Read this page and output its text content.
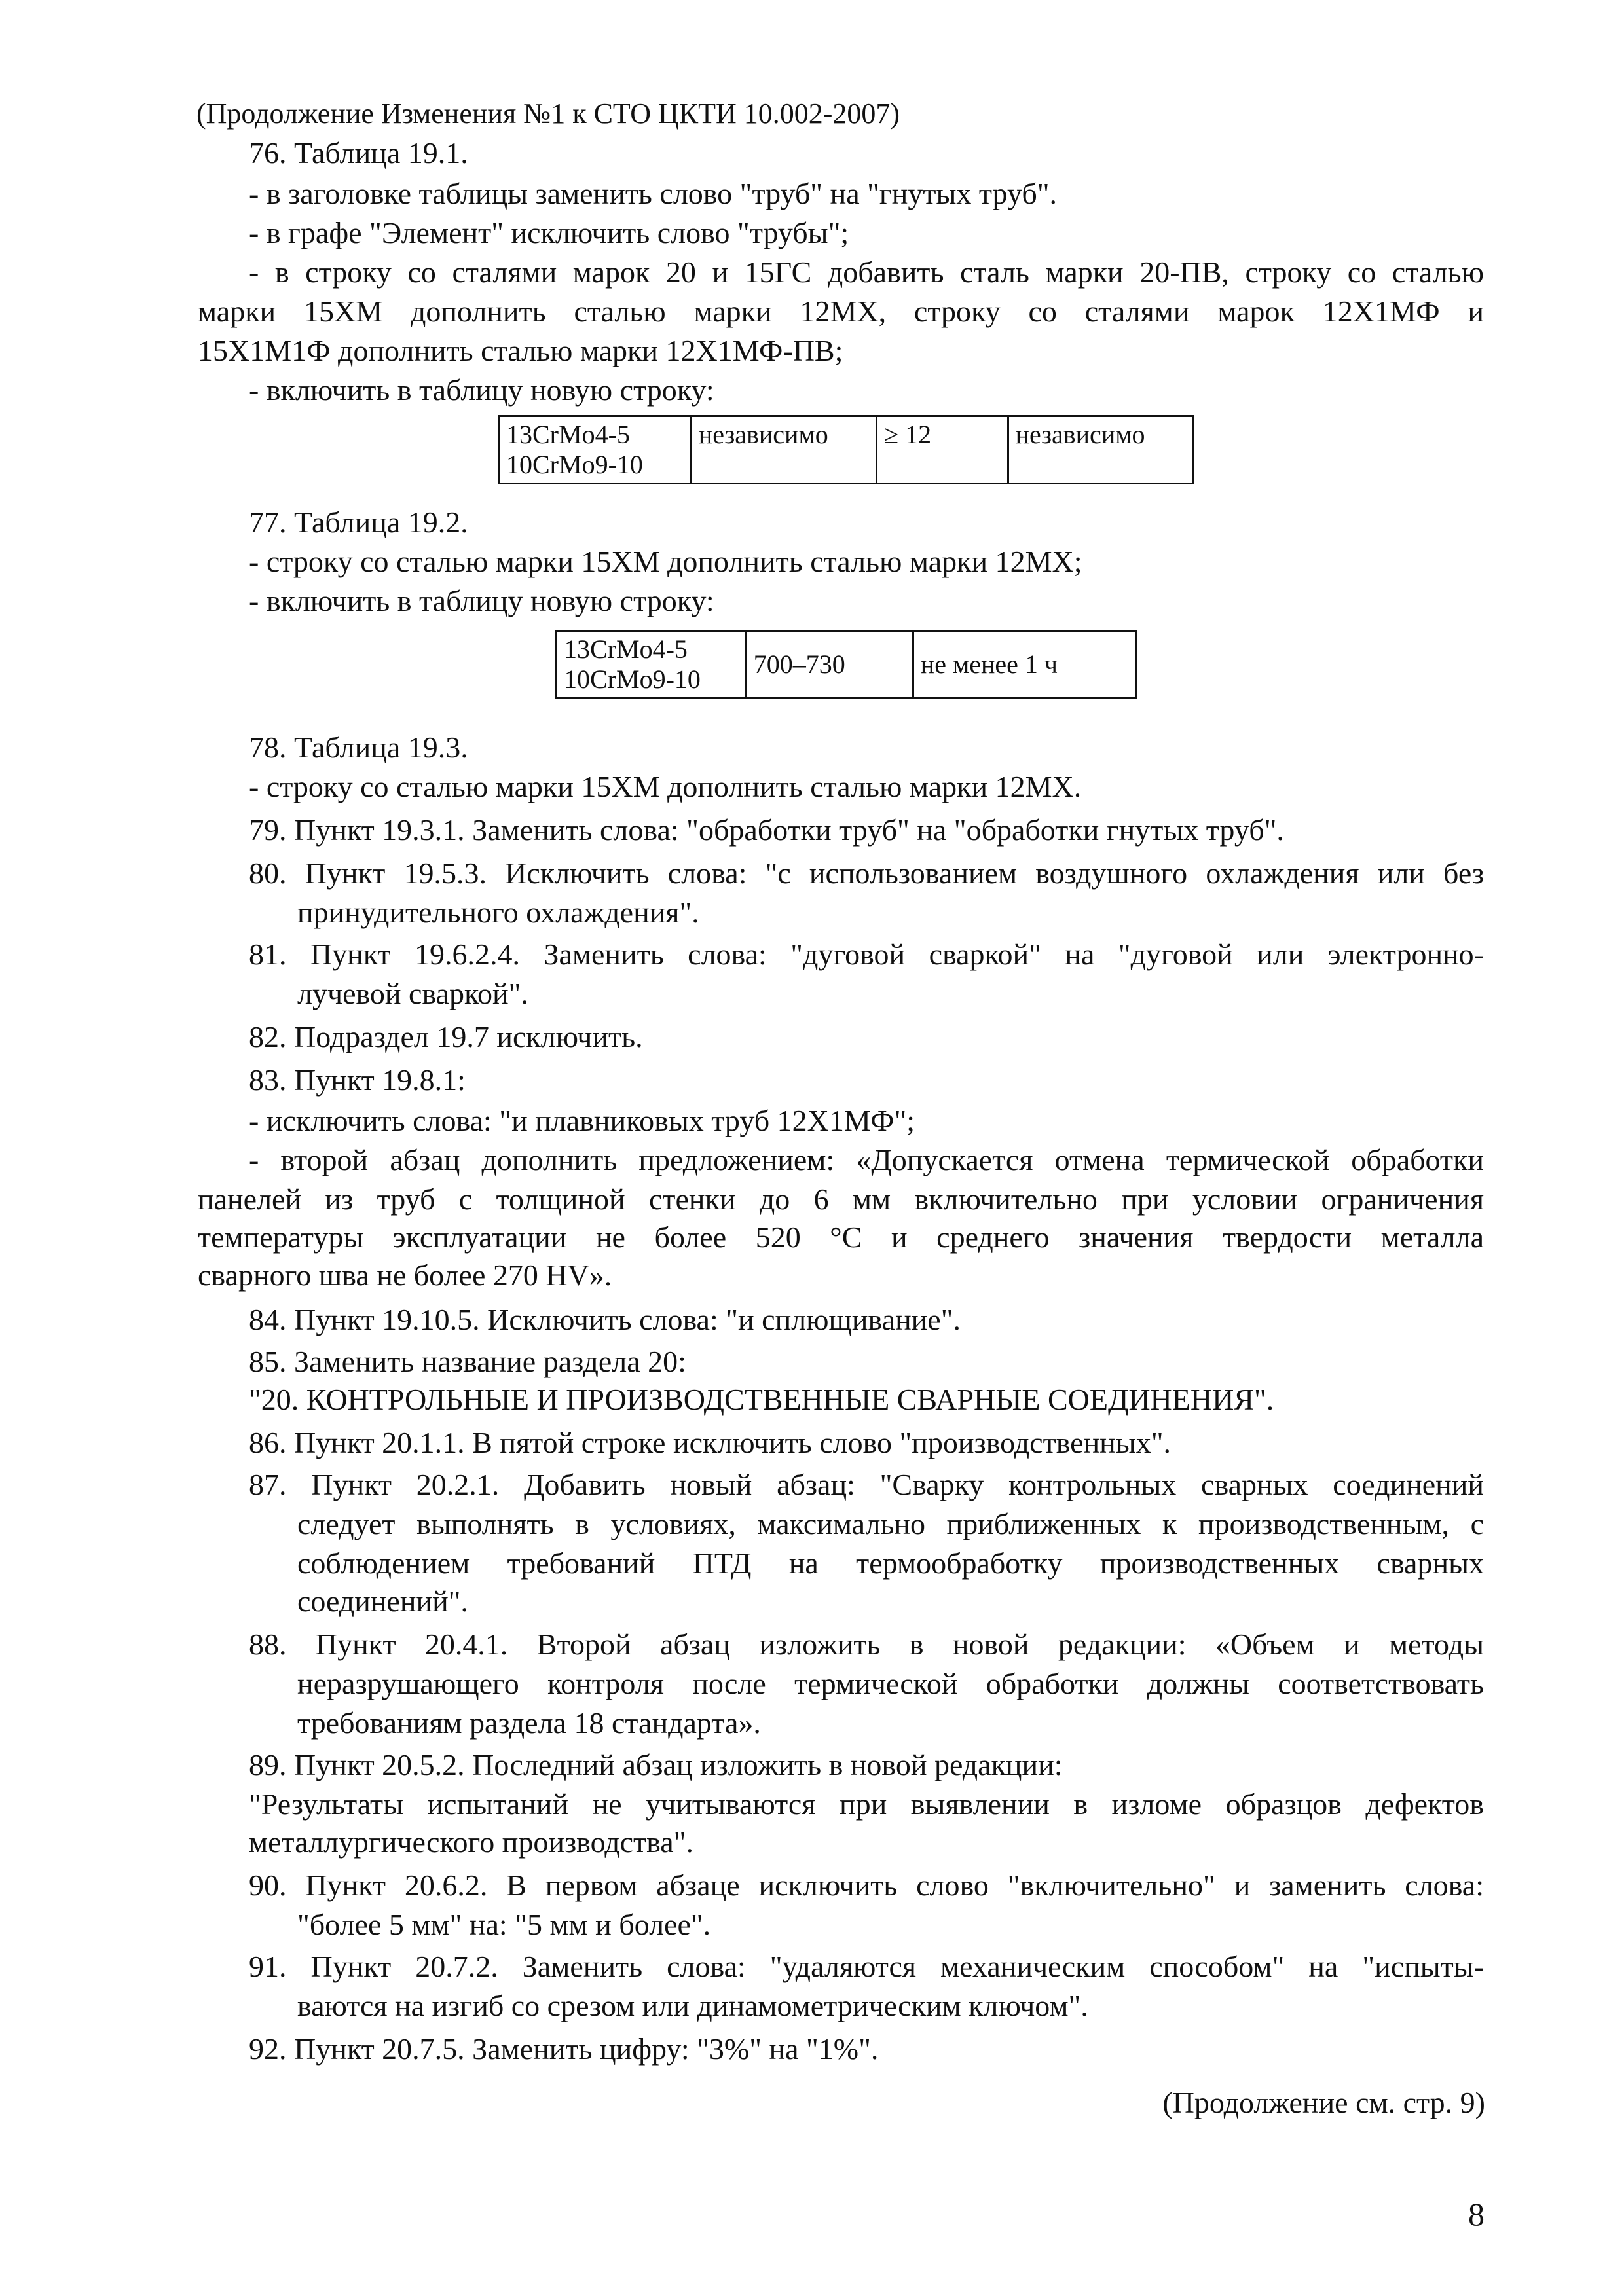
(Продолжение Изменения №1 к СТО ЦКТИ 10.002-2007)
76. Таблица 19.1.
- в заголовке таблицы заменить слово "труб" на "гнутых труб".
- в графе "Элемент" исключить слово "трубы";
- в строку со сталями марок 20 и 15ГС добавить сталь марки 20-ПВ, строку со сталью
марки 15ХМ дополнить сталью марки 12МХ, строку со сталями марок 12Х1МФ и
15Х1М1Ф дополнить сталью марки 12Х1МФ-ПВ;
- включить в таблицу новую строку:
13CrMo4-5
10CrMo9-10
	независимо	≥ 12	независимо
77. Таблица 19.2.
- строку со сталью марки 15ХМ дополнить сталью марки 12МХ;
- включить в таблицу новую строку:
13CrMo4-5
10CrMo9-10
	700–730	не менее 1 ч
78. Таблица 19.3.
- строку со сталью марки 15ХМ дополнить сталью марки 12МХ.
79. Пункт 19.3.1. Заменить слова: "обработки труб" на "обработки гнутых труб".
80. Пункт 19.5.3. Исключить слова: "с использованием воздушного охлаждения или без
принудительного охлаждения".
81. Пункт 19.6.2.4. Заменить слова: "дуговой сваркой" на "дуговой или электронно-
лучевой сваркой".
82. Подраздел 19.7 исключить.
83. Пункт 19.8.1:
- исключить слова: "и плавниковых труб 12Х1МФ";
- второй абзац дополнить предложением: «Допускается отмена термической обработки
панелей из труб с толщиной стенки до 6 мм включительно при условии ограничения
температуры эксплуатации не более 520 °С и среднего значения твердости металла
сварного шва не более 270 HV».
84. Пункт 19.10.5. Исключить слова: "и сплющивание".
85. Заменить название раздела 20:
"20. КОНТРОЛЬНЫЕ И ПРОИЗВОДСТВЕННЫЕ СВАРНЫЕ СОЕДИНЕНИЯ".
86. Пункт 20.1.1. В пятой строке исключить слово "производственных".
87. Пункт 20.2.1. Добавить новый абзац: "Сварку контрольных сварных соединений
следует выполнять в условиях, максимально приближенных к производственным, с
соблюдением требований ПТД на термообработку производственных сварных
соединений".
88. Пункт 20.4.1. Второй абзац изложить в новой редакции: «Объем и методы
неразрушающего контроля после термической обработки должны соответствовать
требованиям раздела 18 стандарта».
89. Пункт 20.5.2. Последний абзац изложить в новой редакции:
"Результаты испытаний не учитываются при выявлении в изломе образцов дефектов
металлургического производства".
90. Пункт 20.6.2. В первом абзаце исключить слово "включительно" и заменить слова:
"более 5 мм" на: "5 мм и более".
91. Пункт 20.7.2. Заменить слова: "удаляются механическим способом" на "испыты-
ваются на изгиб со срезом или динамометрическим ключом".
92. Пункт 20.7.5. Заменить цифру: "3%" на "1%".
(Продолжение см. стр. 9)
8
